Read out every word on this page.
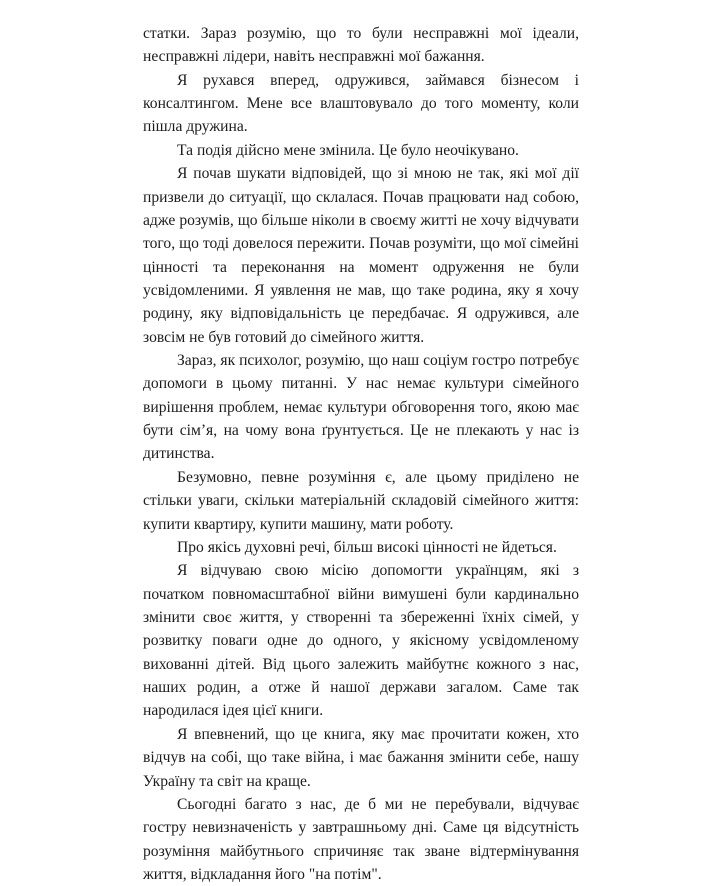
статки. Зараз розумію, що то були несправжні мої ідеали, несправжні лідери, навіть несправжні мої бажання.

Я рухався вперед, одружився, займався бізнесом і консалтингом. Мене все влаштовувало до того моменту, коли пішла дружина.

Та подія дійсно мене змінила. Це було неочікувано.

Я почав шукати відповідей, що зі мною не так, які мої дії призвели до ситуації, що склалася. Почав працювати над собою, адже розумів, що більше ніколи в своєму житті не хочу відчувати того, що тоді довелося пережити. Почав розуміти, що мої сімейні цінності та переконання на момент одруження не були усвідомленими. Я уявлення не мав, що таке родина, яку я хочу родину, яку відповідальність це передбачає. Я одружився, але зовсім не був готовий до сімейного життя.

Зараз, як психолог, розумію, що наш соціум гостро потребує допомоги в цьому питанні. У нас немає культури сімейного вирішення проблем, немає культури обговорення того, якою має бути сім’я, на чому вона ґрунтується. Це не плекають у нас із дитинства.

Безумовно, певне розуміння є, але цьому приділено не стільки уваги, скільки матеріальній складовій сімейного життя: купити квартиру, купити машину, мати роботу.

Про якісь духовні речі, більш високі цінності не йдеться.

Я відчуваю свою місію допомогти українцям, які з початком повномасштабної війни вимушені були кардинально змінити своє життя, у створенні та збереженні їхніх сімей, у розвитку поваги одне до одного, у якісному усвідомленому вихованні дітей. Від цього залежить майбутнє кожного з нас, наших родин, а отже й нашої держави загалом. Саме так народилася ідея цієї книги.

Я впевнений, що це книга, яку має прочитати кожен, хто відчув на собі, що таке війна, і має бажання змінити себе, нашу Україну та світ на краще.

Сьогодні багато з нас, де б ми не перебували, відчуває гостру невизначеність у завтрашньому дні. Саме ця відсутність розуміння майбутнього спричиняє так зване відтермінування життя, відкладання його "на потім".
